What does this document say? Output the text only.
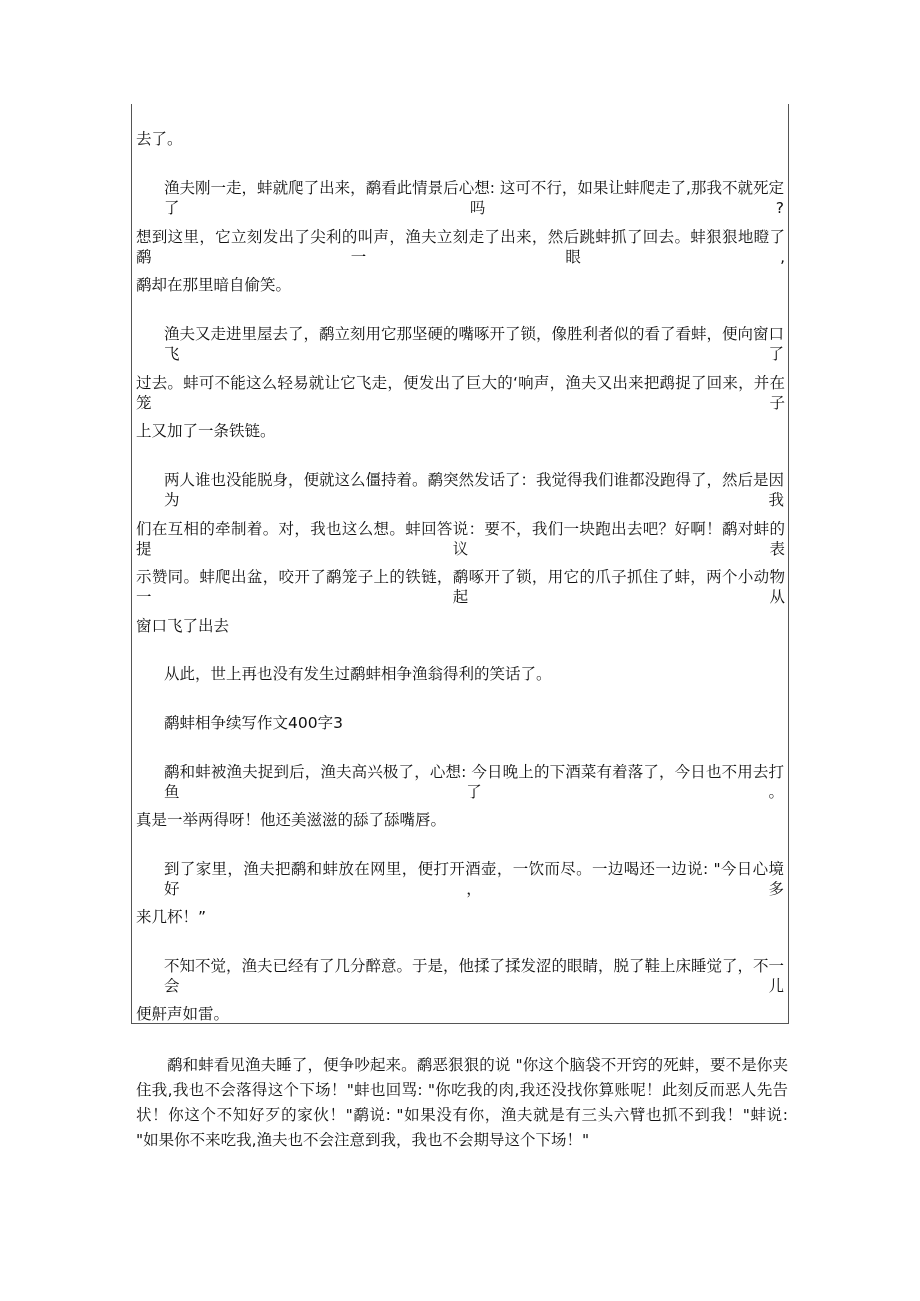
去了。
渔夫刚一走，蚌就爬了出来，鹬看此情景后心想: 这可不行，如果让蚌爬走了,那我不就死定了吗?
想到这里，它立刻发出了尖利的叫声，渔夫立刻走了出来，然后跳蚌抓了回去。蚌狠狠地瞪了鹬一眼,
鹬却在那里暗自偷笑。
渔夫又走进里屋去了，鹬立刻用它那坚硬的嘴啄开了锁，像胜利者似的看了看蚌，便向窗口飞了
过去。蚌可不能这么轻易就让它飞走，便发出了巨大的‘响声，渔夫又出来把鹉捉了回来，并在笼子
上又加了一条铁链。
两人谁也没能脱身，便就这么僵持着。鹬突然发话了：我觉得我们谁都没跑得了，然后是因为我
们在互相的牵制着。对，我也这么想。蚌回答说：要不，我们一块跑出去吧？好啊！鹬对蚌的提议表
示赞同。蚌爬出盆，咬开了鹬笼子上的铁链，鹬啄开了锁，用它的爪子抓住了蚌，两个小动物一起从
窗口飞了出去
从此，世上再也没有发生过鹬蚌相争渔翁得利的笑话了。
鹬蚌相争续写作文400字3
鹬和蚌被渔夫捉到后，渔夫高兴极了，心想: 今日晚上的下酒菜有着落了，今日也不用去打鱼了。
真是一举两得呀！他还美滋滋的舔了舔嘴唇。
到了家里，渔夫把鹬和蚌放在网里，便打开酒壶，一饮而尽。一边喝还一边说: "今日心境好，多
来几杯！”
不知不觉，渔夫已经有了几分醉意。于是，他揉了揉发涩的眼睛，脱了鞋上床睡觉了，不一会儿
便鼾声如雷。
鹬和蚌看见渔夫睡了，便争吵起来。鹬恶狠狠的说 "你这个脑袋不开窍的死蚌，要不是你夹住我,我也不会落得这个下场！"蚌也回骂: "你吃我的肉,我还没找你算账呢！此刻反而恶人先告状！你这个不知好歹的家伙！"鹬说: "如果没有你，渔夫就是有三头六臂也抓不到我！"蚌说: "如果你不来吃我,渔夫也不会注意到我，我也不会期导这个下场！"
